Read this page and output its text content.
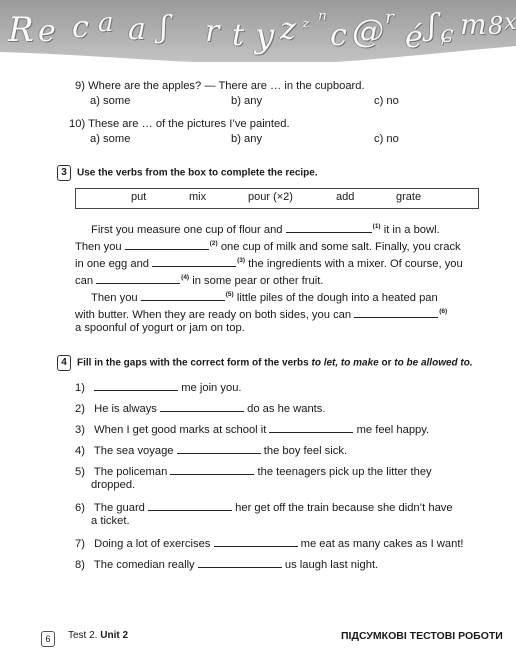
R e c a a ʃ r t y z ᶻ ⁿ c @ ʳ é ʃ ɕ m 8 x
9) Where are the apples? — There are … in the cupboard.
a) some	b) any	c) no
10) These are … of the pictures I’ve painted.
a) some	b) any	c) no
3 Use the verbs from the box to complete the recipe.
put	mix	pour (×2)	add	grate
First you measure one cup of flour and	$^{(1)}$ it in a bowl.
Then you	$^{(2)}$ one cup of milk and some salt. Finally, you crack
in one egg and	$^{(3)}$ the ingredients with a mixer. Of course, you
can	$^{(4)}$ in some pear or other fruit.
Then you	$^{(5)}$ little piles of the dough into a heated pan
with butter. When they are ready on both sides, you can	$^{(6)}$
a spoonful of yogurt or jam on top.
4 Fill in the gaps with the correct form of the verbs to let, to make or to be allowed to.
1)	me join you.
2) He is always	do as he wants.
3) When I get good marks at school it	me feel happy.
4) The sea voyage	the boy feel sick.
5) The policeman	the teenagers pick up the litter they
dropped.
6) The guard	her get off the train because she didn’t have
a ticket.
7) Doing a lot of exercises	me eat as many cakes as I want!
8) The comedian really	us laugh last night.
6	Test 2. Unit 2	ПІДСУМКОВІ ТЕСТОВІ РОБОТИ
